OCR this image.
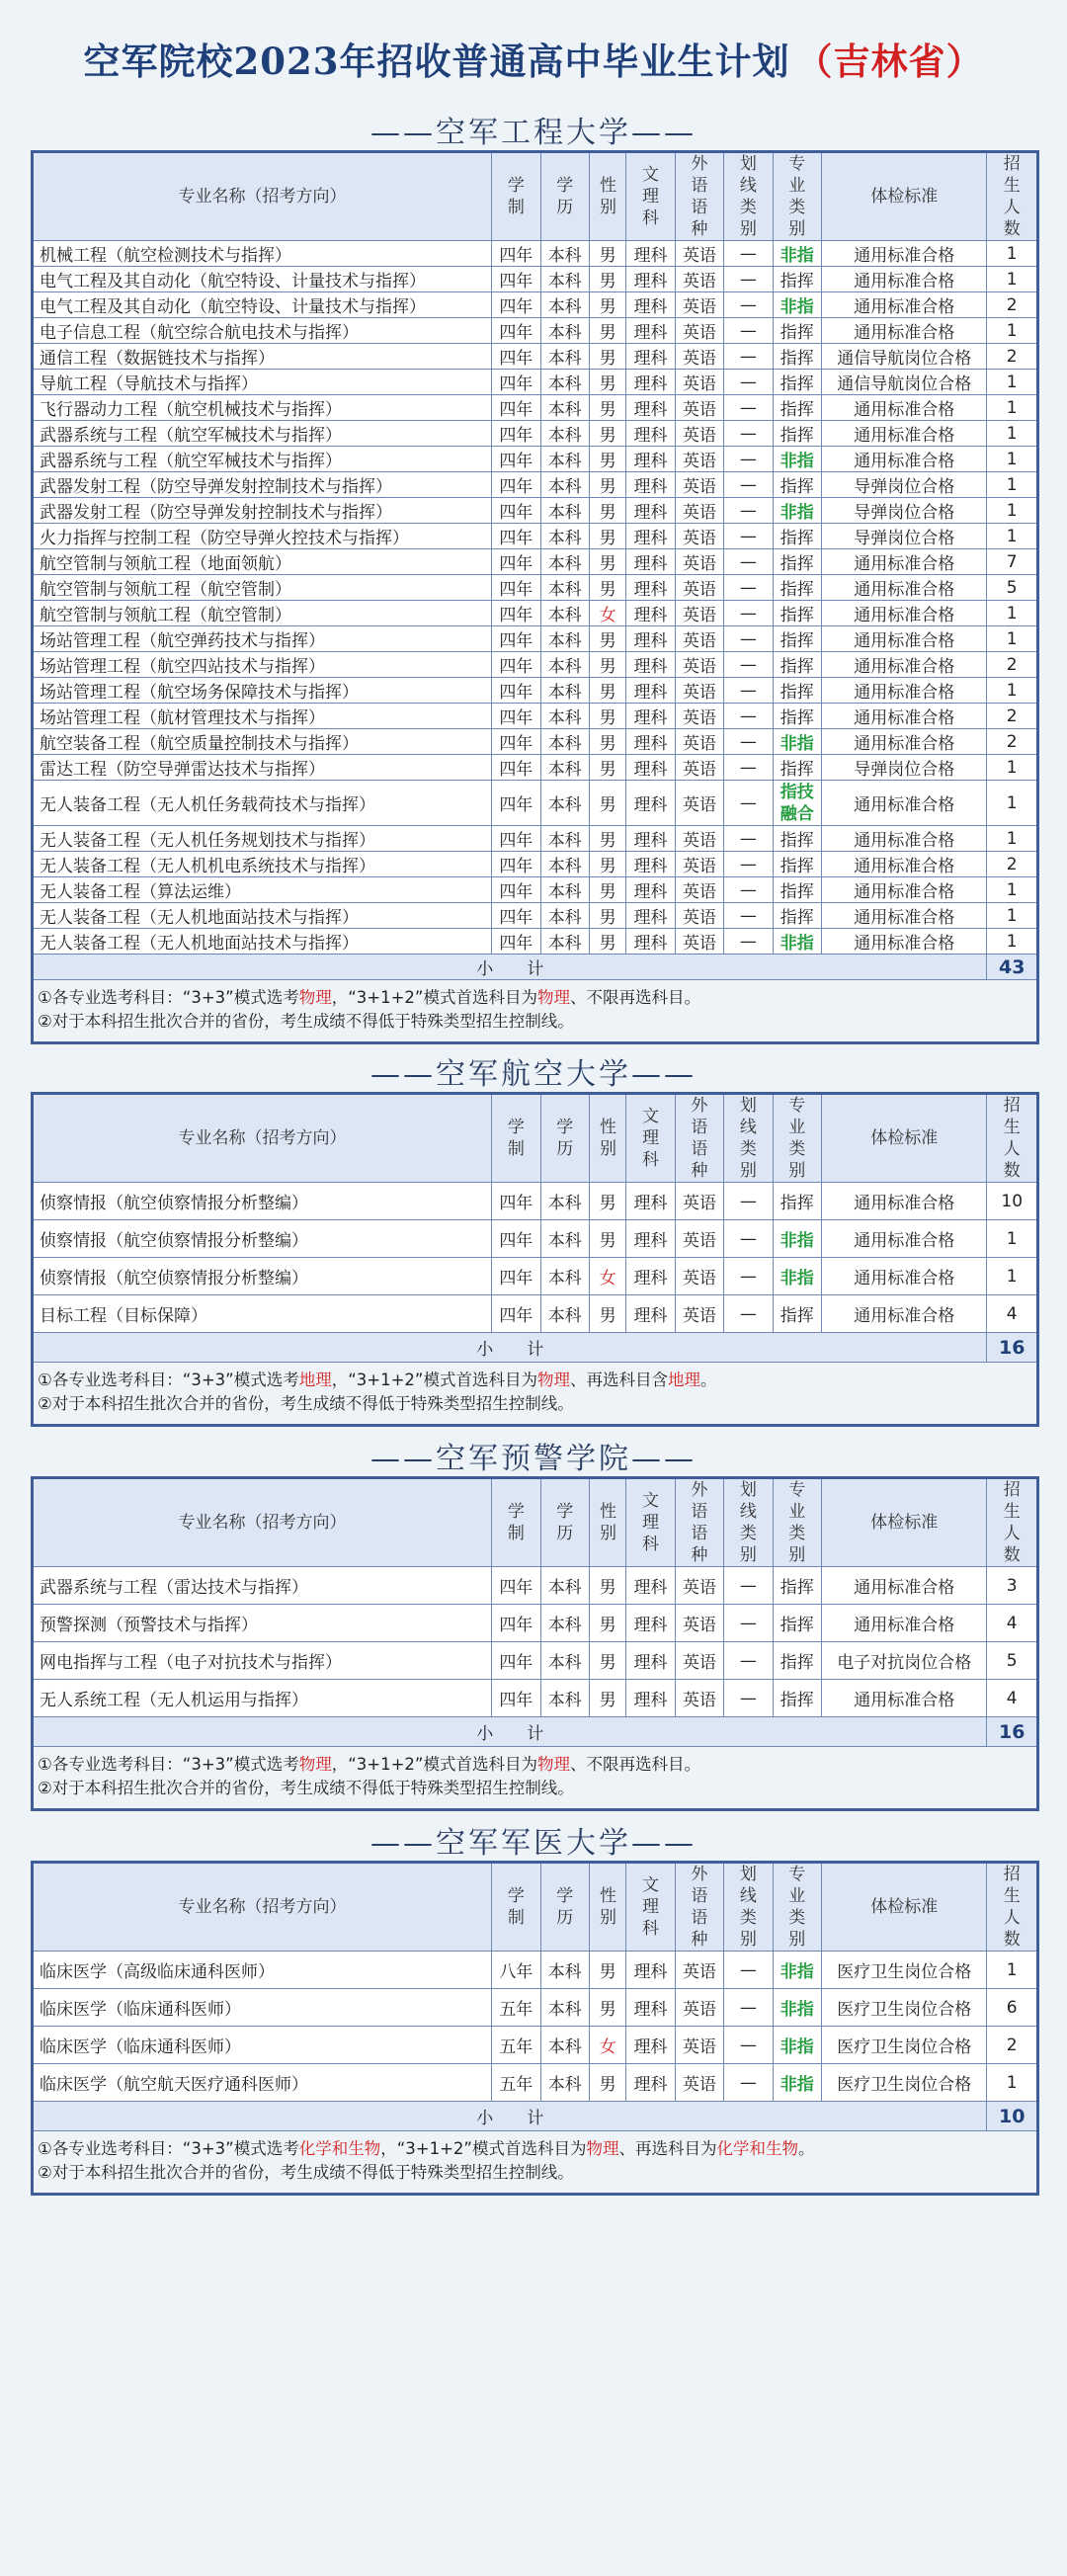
空军院校2023年招收普通高中毕业生计划 （吉林省）
——空军工程大学——
专业名称（招考方向）	学制	学历	性别	文理科	外语语种	划线类别	专业类别	体检标准	招生人数
机械工程（航空检测技术与指挥）	四年	本科	男	理科	英语	—	非指	通用标准合格	1
电气工程及其自动化（航空特设、计量技术与指挥）	四年	本科	男	理科	英语	—	指挥	通用标准合格	1
电气工程及其自动化（航空特设、计量技术与指挥）	四年	本科	男	理科	英语	—	非指	通用标准合格	2
电子信息工程（航空综合航电技术与指挥）	四年	本科	男	理科	英语	—	指挥	通用标准合格	1
通信工程（数据链技术与指挥）	四年	本科	男	理科	英语	—	指挥	通信导航岗位合格	2
导航工程（导航技术与指挥）	四年	本科	男	理科	英语	—	指挥	通信导航岗位合格	1
飞行器动力工程（航空机械技术与指挥）	四年	本科	男	理科	英语	—	指挥	通用标准合格	1
武器系统与工程（航空军械技术与指挥）	四年	本科	男	理科	英语	—	指挥	通用标准合格	1
武器系统与工程（航空军械技术与指挥）	四年	本科	男	理科	英语	—	非指	通用标准合格	1
武器发射工程（防空导弹发射控制技术与指挥）	四年	本科	男	理科	英语	—	指挥	导弹岗位合格	1
武器发射工程（防空导弹发射控制技术与指挥）	四年	本科	男	理科	英语	—	非指	导弹岗位合格	1
火力指挥与控制工程（防空导弹火控技术与指挥）	四年	本科	男	理科	英语	—	指挥	导弹岗位合格	1
航空管制与领航工程（地面领航）	四年	本科	男	理科	英语	—	指挥	通用标准合格	7
航空管制与领航工程（航空管制）	四年	本科	男	理科	英语	—	指挥	通用标准合格	5
航空管制与领航工程（航空管制）	四年	本科	女	理科	英语	—	指挥	通用标准合格	1
场站管理工程（航空弹药技术与指挥）	四年	本科	男	理科	英语	—	指挥	通用标准合格	1
场站管理工程（航空四站技术与指挥）	四年	本科	男	理科	英语	—	指挥	通用标准合格	2
场站管理工程（航空场务保障技术与指挥）	四年	本科	男	理科	英语	—	指挥	通用标准合格	1
场站管理工程（航材管理技术与指挥）	四年	本科	男	理科	英语	—	指挥	通用标准合格	2
航空装备工程（航空质量控制技术与指挥）	四年	本科	男	理科	英语	—	非指	通用标准合格	2
雷达工程（防空导弹雷达技术与指挥）	四年	本科	男	理科	英语	—	指挥	导弹岗位合格	1
无人装备工程（无人机任务载荷技术与指挥）	四年	本科	男	理科	英语	—	指技融合	通用标准合格	1
无人装备工程（无人机任务规划技术与指挥）	四年	本科	男	理科	英语	—	指挥	通用标准合格	1
无人装备工程（无人机机电系统技术与指挥）	四年	本科	男	理科	英语	—	指挥	通用标准合格	2
无人装备工程（算法运维）	四年	本科	男	理科	英语	—	指挥	通用标准合格	1
无人装备工程（无人机地面站技术与指挥）	四年	本科	男	理科	英语	—	指挥	通用标准合格	1
无人装备工程（无人机地面站技术与指挥）	四年	本科	男	理科	英语	—	非指	通用标准合格	1
小　　计									43

①各专业选考科目：“3+3”模式选考物理，“3+1+2”模式首选科目为物理、不限再选科目。
②对于本科招生批次合并的省份，考生成绩不得低于特殊类型招生控制线。									
——空军航空大学——
专业名称（招考方向）	学制	学历	性别	文理科	外语语种	划线类别	专业类别	体检标准	招生人数
侦察情报（航空侦察情报分析整编）	四年	本科	男	理科	英语	—	指挥	通用标准合格	10
侦察情报（航空侦察情报分析整编）	四年	本科	男	理科	英语	—	非指	通用标准合格	1
侦察情报（航空侦察情报分析整编）	四年	本科	女	理科	英语	—	非指	通用标准合格	1
目标工程（目标保障）	四年	本科	男	理科	英语	—	指挥	通用标准合格	4
小　　计									16

①各专业选考科目：“3+3”模式选考地理，“3+1+2”模式首选科目为物理、再选科目含地理。
②对于本科招生批次合并的省份，考生成绩不得低于特殊类型招生控制线。									
——空军预警学院——
专业名称（招考方向）	学制	学历	性别	文理科	外语语种	划线类别	专业类别	体检标准	招生人数
武器系统与工程（雷达技术与指挥）	四年	本科	男	理科	英语	—	指挥	通用标准合格	3
预警探测（预警技术与指挥）	四年	本科	男	理科	英语	—	指挥	通用标准合格	4
网电指挥与工程（电子对抗技术与指挥）	四年	本科	男	理科	英语	—	指挥	电子对抗岗位合格	5
无人系统工程（无人机运用与指挥）	四年	本科	男	理科	英语	—	指挥	通用标准合格	4
小　　计									16

①各专业选考科目：“3+3”模式选考物理，“3+1+2”模式首选科目为物理、不限再选科目。
②对于本科招生批次合并的省份，考生成绩不得低于特殊类型招生控制线。									
——空军军医大学——
专业名称（招考方向）	学制	学历	性别	文理科	外语语种	划线类别	专业类别	体检标准	招生人数
临床医学（高级临床通科医师）	八年	本科	男	理科	英语	—	非指	医疗卫生岗位合格	1
临床医学（临床通科医师）	五年	本科	男	理科	英语	—	非指	医疗卫生岗位合格	6
临床医学（临床通科医师）	五年	本科	女	理科	英语	—	非指	医疗卫生岗位合格	2
临床医学（航空航天医疗通科医师）	五年	本科	男	理科	英语	—	非指	医疗卫生岗位合格	1
小　　计									10

①各专业选考科目：“3+3”模式选考化学和生物，“3+1+2”模式首选科目为物理、再选科目为化学和生物。
②对于本科招生批次合并的省份，考生成绩不得低于特殊类型招生控制线。									
